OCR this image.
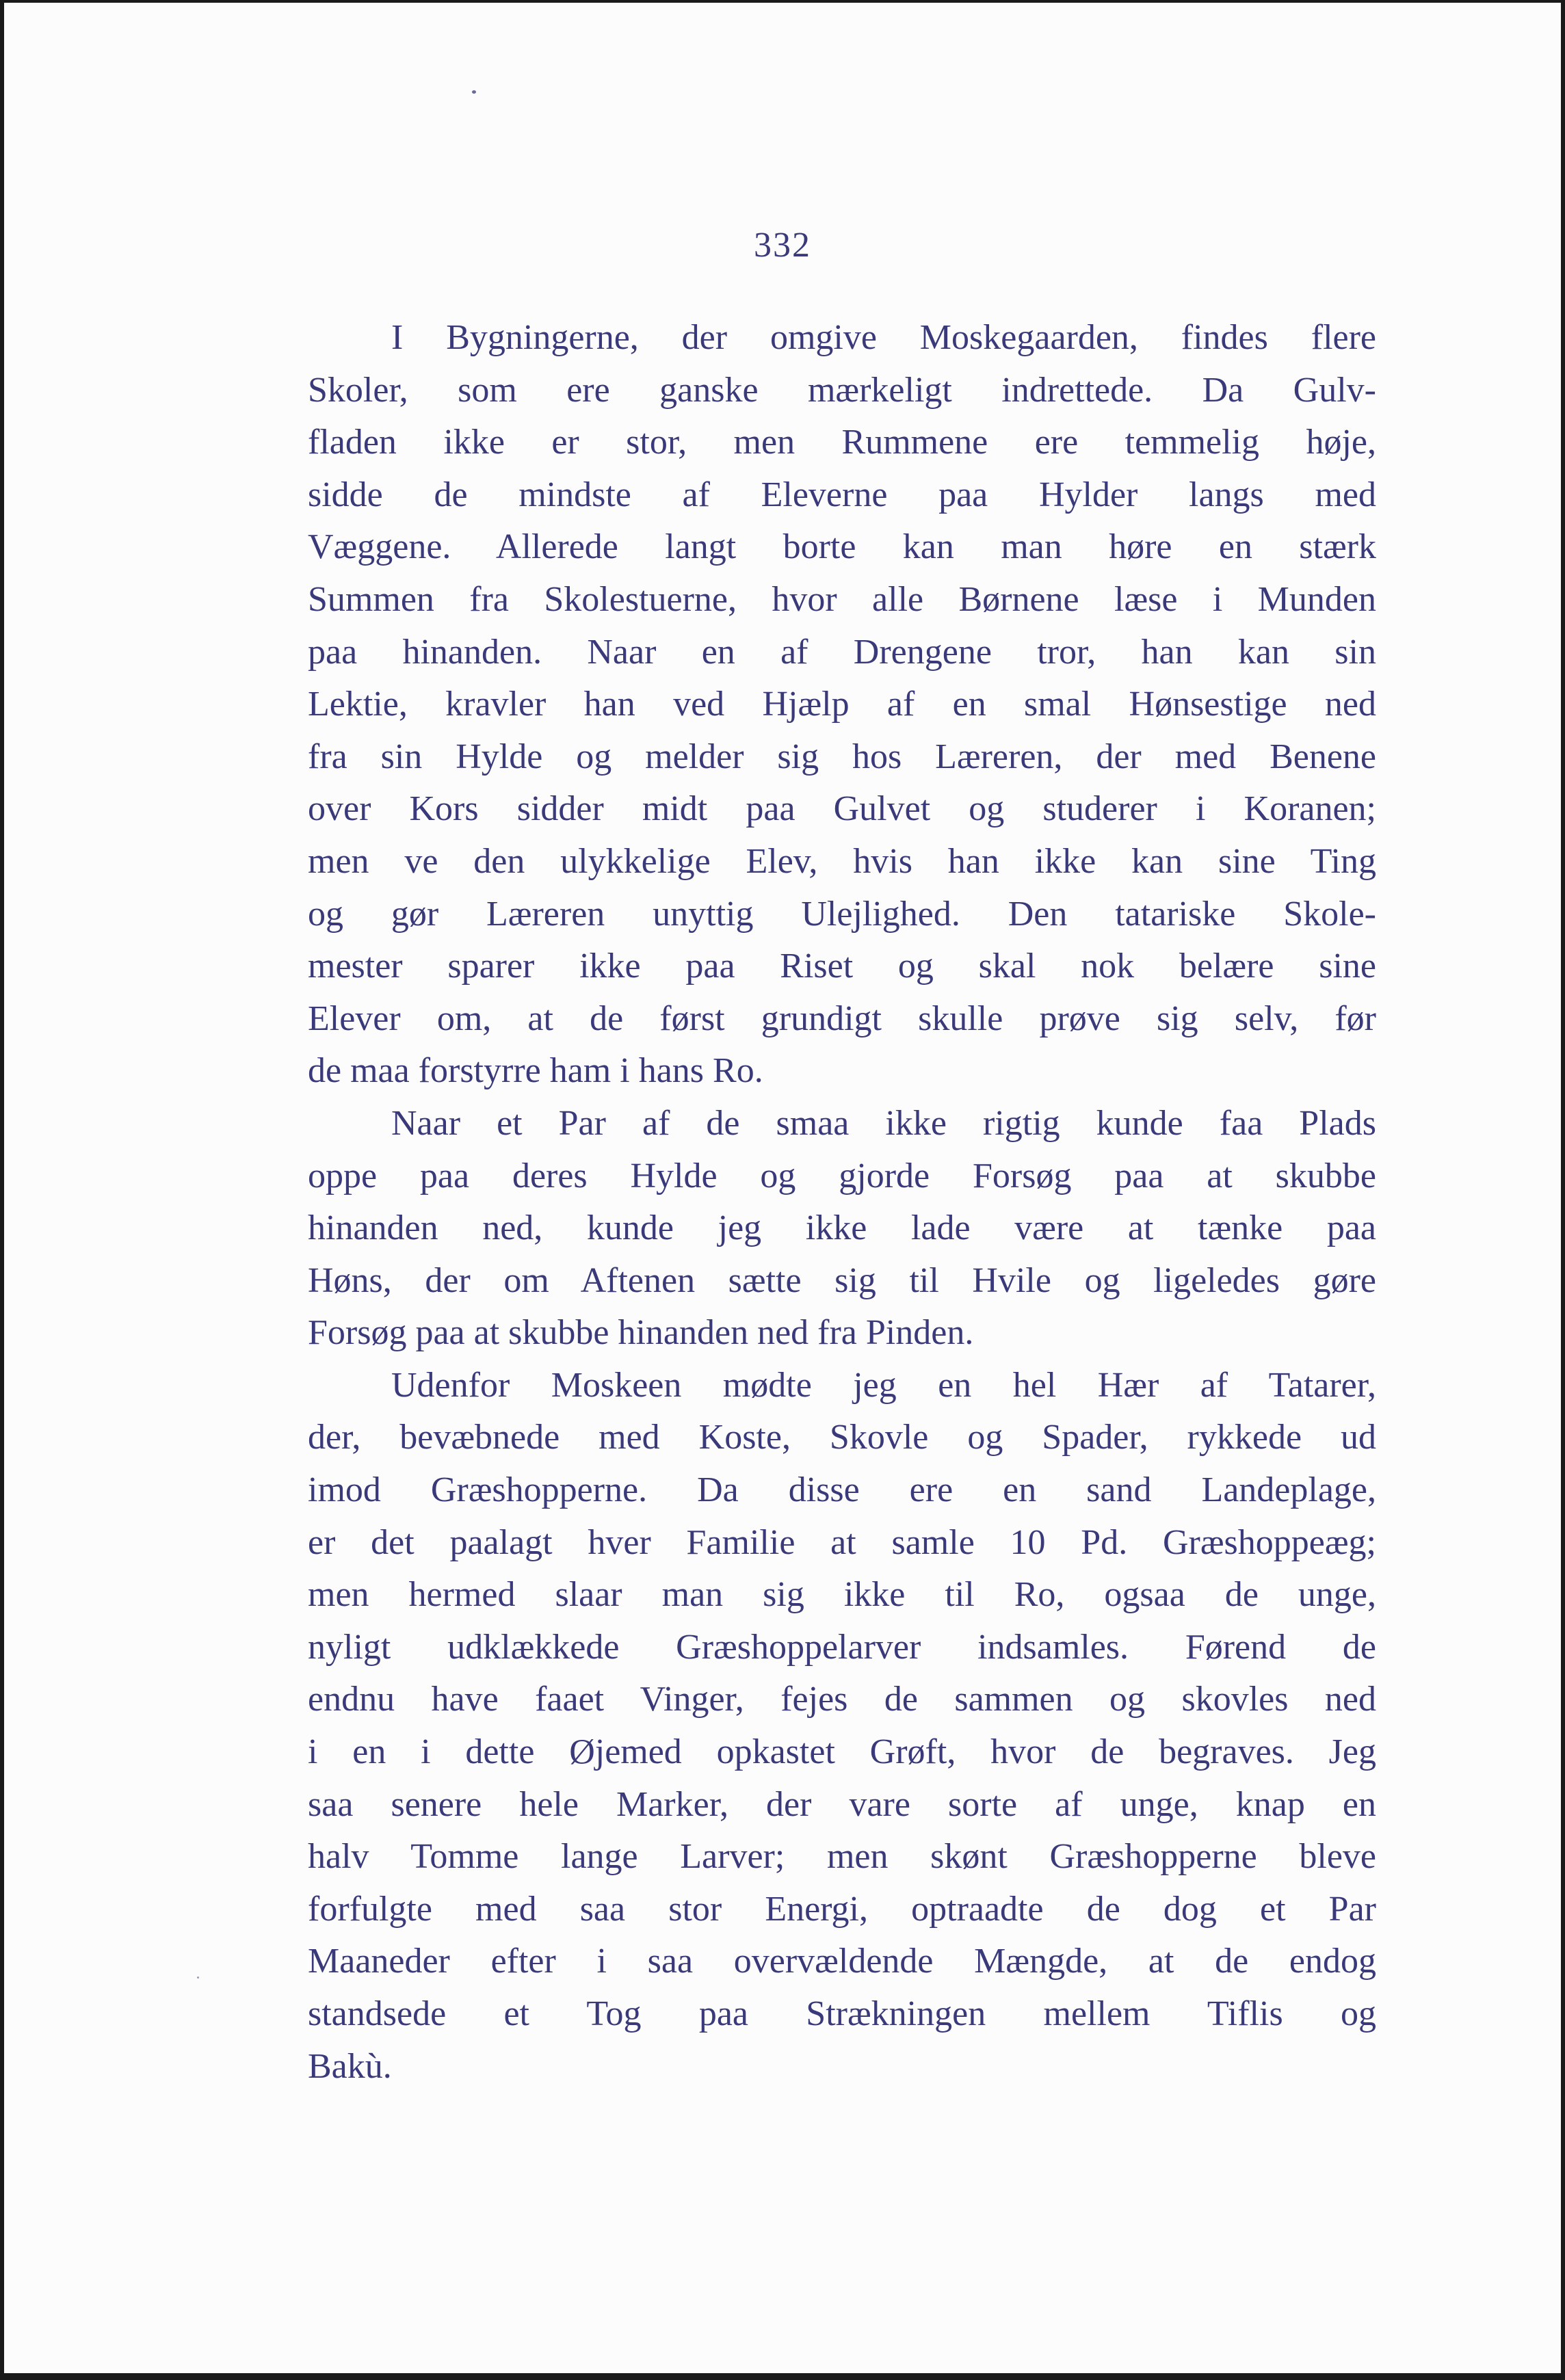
332
I Bygningerne, der omgive Moskegaarden, findes flere
Skoler, som ere ganske mærkeligt indrettede. Da Gulv-
fladen ikke er stor, men Rummene ere temmelig høje,
sidde de mindste af Eleverne paa Hylder langs med
Væggene. Allerede langt borte kan man høre en stærk
Summen fra Skolestuerne, hvor alle Børnene læse i Munden
paa hinanden. Naar en af Drengene tror, han kan sin
Lektie, kravler han ved Hjælp af en smal Hønsestige ned
fra sin Hylde og melder sig hos Læreren, der med Benene
over Kors sidder midt paa Gulvet og studerer i Koranen;
men ve den ulykkelige Elev, hvis han ikke kan sine Ting
og gør Læreren unyttig Ulejlighed. Den tatariske Skole-
mester sparer ikke paa Riset og skal nok belære sine
Elever om, at de først grundigt skulle prøve sig selv, før
de maa forstyrre ham i hans Ro.
Naar et Par af de smaa ikke rigtig kunde faa Plads
oppe paa deres Hylde og gjorde Forsøg paa at skubbe
hinanden ned, kunde jeg ikke lade være at tænke paa
Høns, der om Aftenen sætte sig til Hvile og ligeledes gøre
Forsøg paa at skubbe hinanden ned fra Pinden.
Udenfor Moskeen mødte jeg en hel Hær af Tatarer,
der, bevæbnede med Koste, Skovle og Spader, rykkede ud
imod Græshopperne. Da disse ere en sand Landeplage,
er det paalagt hver Familie at samle 10 Pd. Græshoppeæg;
men hermed slaar man sig ikke til Ro, ogsaa de unge,
nyligt udklækkede Græshoppelarver indsamles. Førend de
endnu have faaet Vinger, fejes de sammen og skovles ned
i en i dette Øjemed opkastet Grøft, hvor de begraves. Jeg
saa senere hele Marker, der vare sorte af unge, knap en
halv Tomme lange Larver; men skønt Græshopperne bleve
forfulgte med saa stor Energi, optraadte de dog et Par
Maaneder efter i saa overvældende Mængde, at de endog
standsede et Tog paa Strækningen mellem Tiflis og
Bakù.
